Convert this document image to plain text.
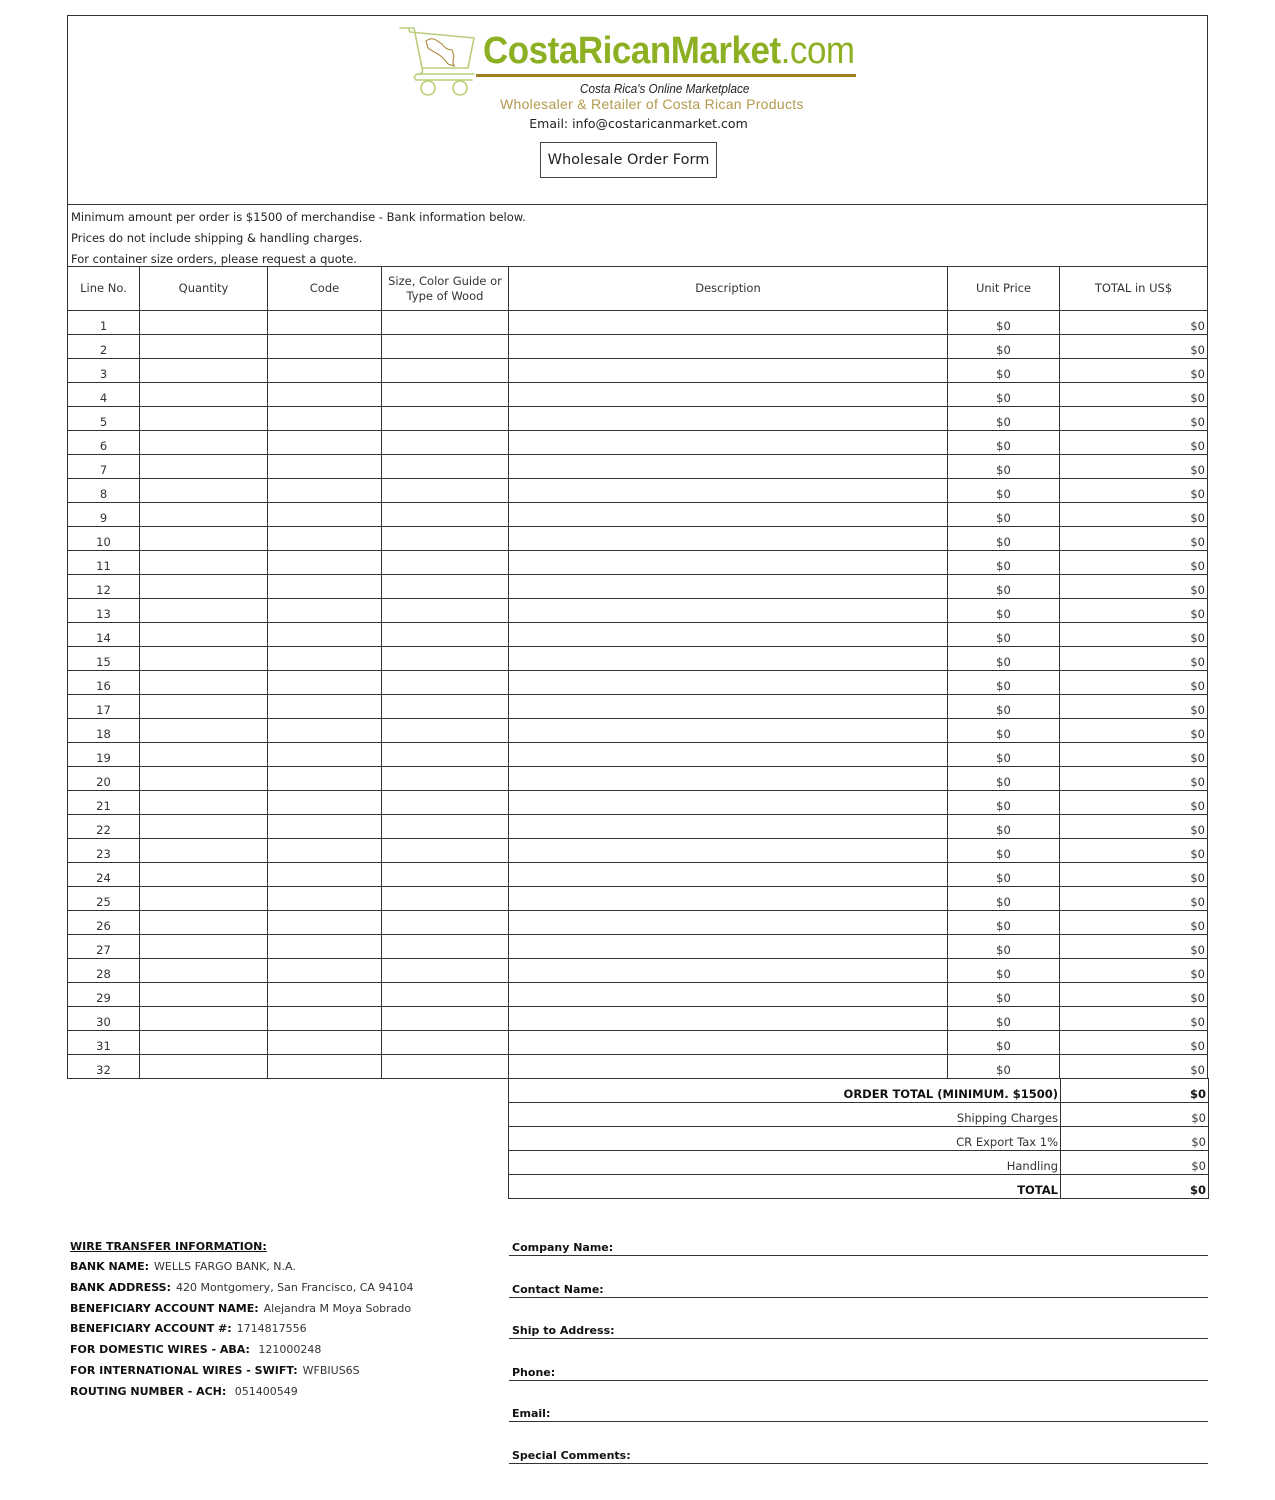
CostaRicanMarket.com
Costa Rica's Online Marketplace
Wholesaler & Retailer of Costa Rican Products
Email: info@costaricanmarket.com
Wholesale Order Form
Minimum amount per order is $1500 of merchandise - Bank information below.
Prices do not include shipping & handling charges.
For container size orders, please request a quote.
Line No.	Quantity	Code	Size, Color Guide or Type of Wood	Description	Unit Price	TOTAL in US$
1					$0	$0
2					$0	$0
3					$0	$0
4					$0	$0
5					$0	$0
6					$0	$0
7					$0	$0
8					$0	$0
9					$0	$0
10					$0	$0
11					$0	$0
12					$0	$0
13					$0	$0
14					$0	$0
15					$0	$0
16					$0	$0
17					$0	$0
18					$0	$0
19					$0	$0
20					$0	$0
21					$0	$0
22					$0	$0
23					$0	$0
24					$0	$0
25					$0	$0
26					$0	$0
27					$0	$0
28					$0	$0
29					$0	$0
30					$0	$0
31					$0	$0
32					$0	$0
ORDER TOTAL (MINIMUM. $1500)	$0
Shipping Charges	$0
CR Export Tax 1%	$0
Handling	$0
TOTAL	$0
WIRE TRANSFER INFORMATION:
BANK NAME: WELLS FARGO BANK, N.A.
BANK ADDRESS: 420 Montgomery, San Francisco, CA 94104
BENEFICIARY ACCOUNT NAME: Alejandra M Moya Sobrado
BENEFICIARY ACCOUNT #: 1714817556
FOR DOMESTIC WIRES - ABA: 121000248
FOR INTERNATIONAL WIRES - SWIFT: WFBIUS6S
ROUTING NUMBER - ACH: 051400549
Company Name:
Contact Name:
Ship to Address:
Phone:
Email:
Special Comments:
